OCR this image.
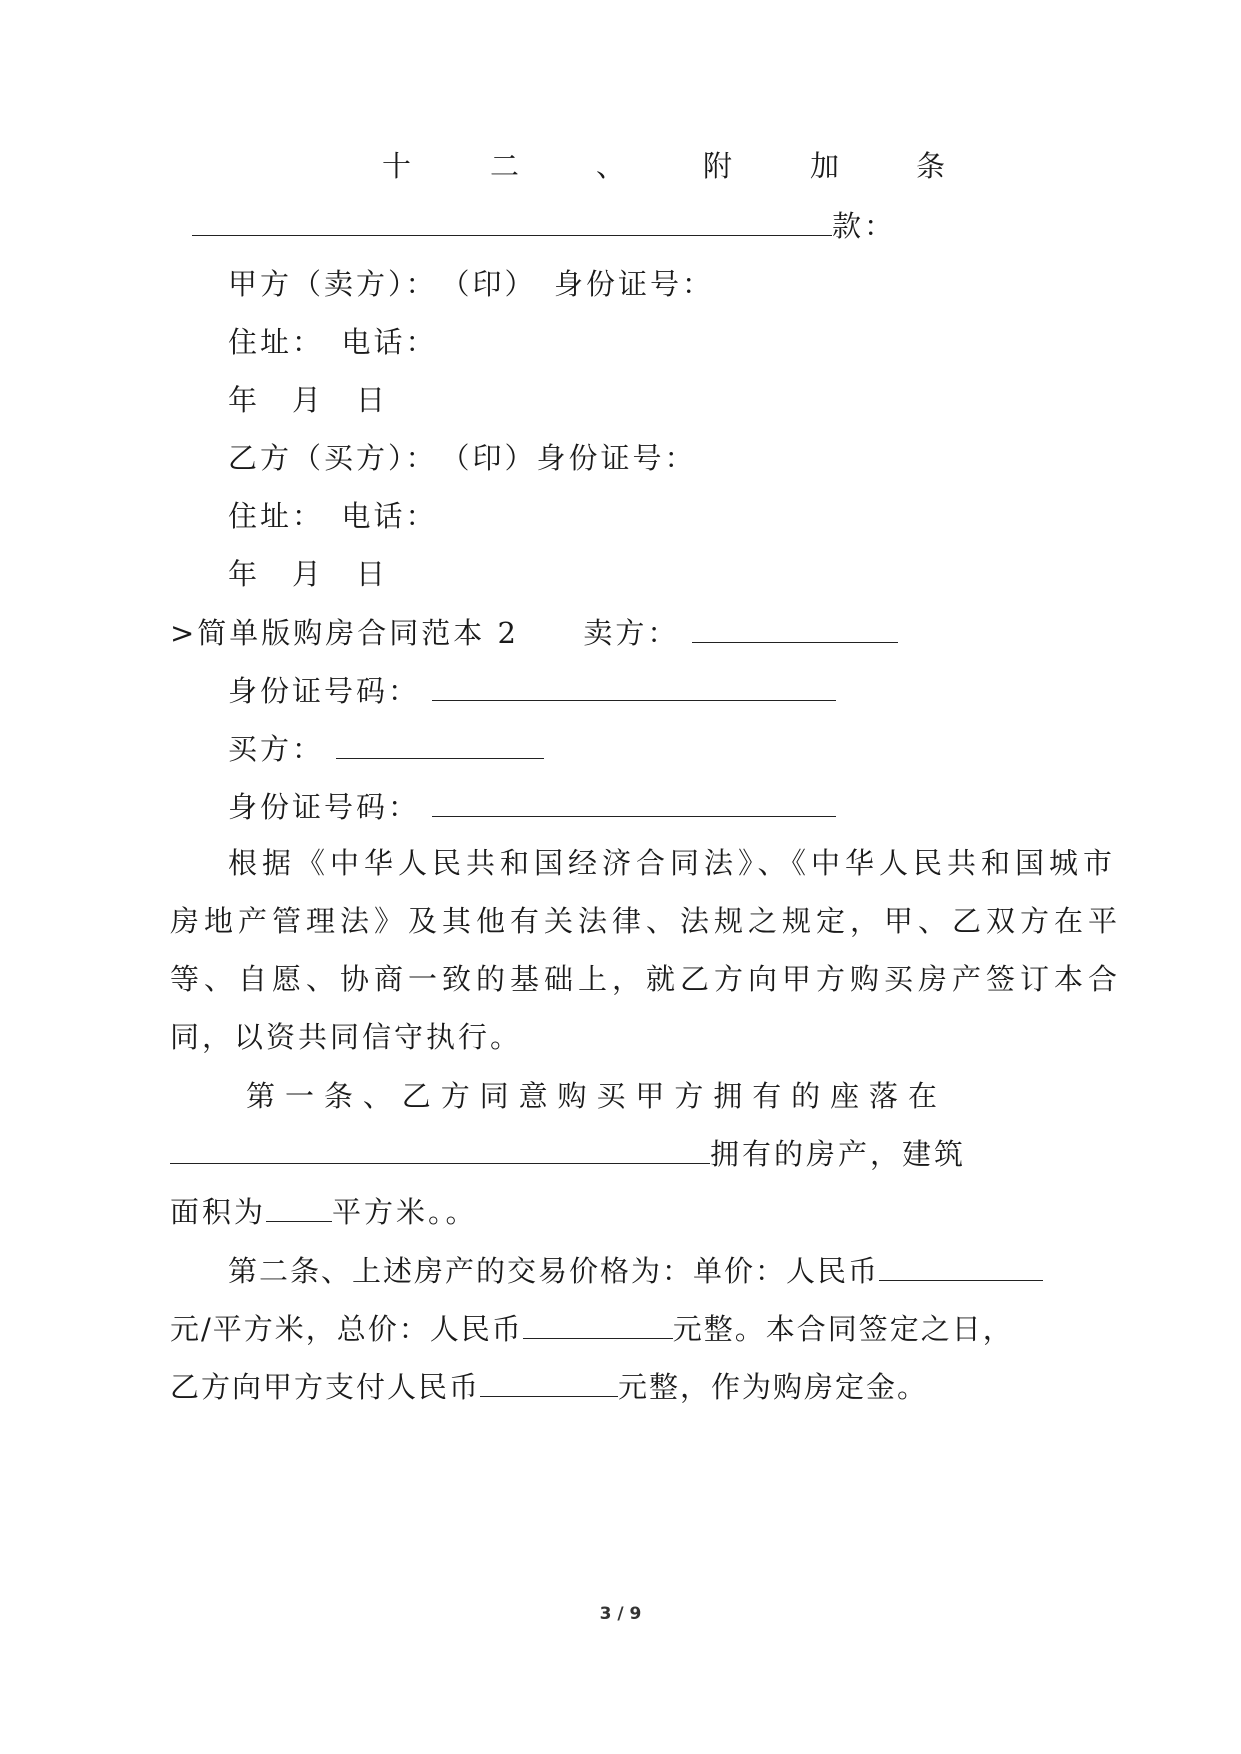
十	二	、	附	加	条
款：
甲方（卖方）：　（印）　身份证号：
住址：　电话：
年　月　日
乙方（买方）：　（印）身份证号：
住址：　电话：
年　月　日
>简单版购房合同范本 2 卖方：
身份证号码：
买方：
身份证号码：
根据《中华人民共和国经济合同法》、《中华人民共和国城市
房地产管理法》及其他有关法律、法规之规定，甲、乙双方在平
等、自愿、协商一致的基础上，就乙方向甲方购买房产签订本合
同，以资共同信守执行。
第 一 条 、 乙 方 同 意 购 买 甲 方 拥 有 的 座 落 在
拥有的房产，建筑
面积为 平方米。。
第二条、上述房产的交易价格为：单价：人民币
元/平方米，总价：人民币	元整。本合同签定之日，
乙方向甲方支付人民币	元整，作为购房定金。
3 / 9
